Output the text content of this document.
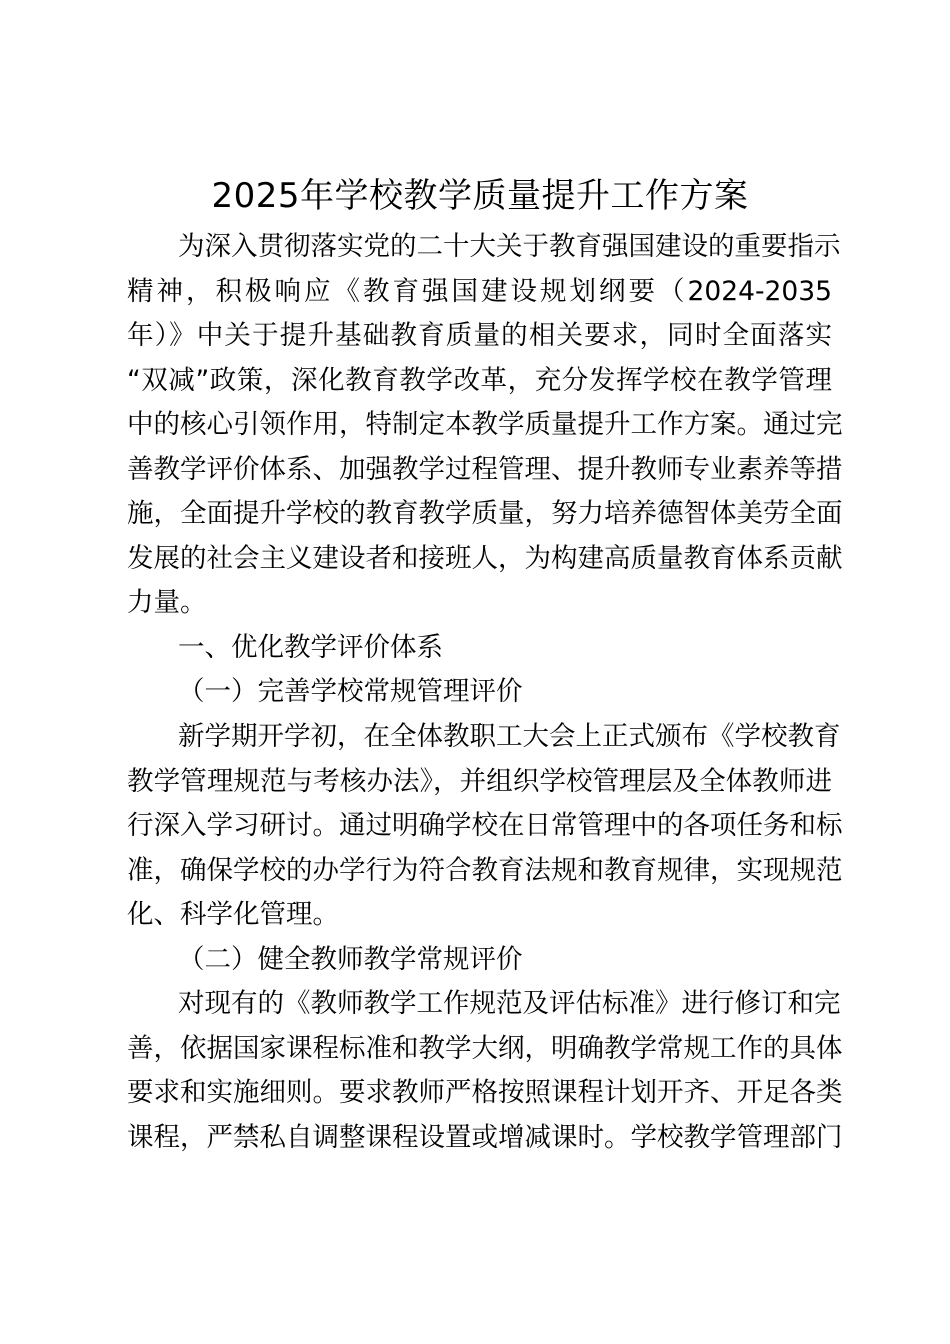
2025年学校教学质量提升工作方案

为深入贯彻落实党的二十大关于教育强国建设的重要指示

精神，积极响应《教育强国建设规划纲要（2024-2035

年）》中关于提升基础教育质量的相关要求，同时全面落实

“双减”政策，深化教育教学改革，充分发挥学校在教学管理

中的核心引领作用，特制定本教学质量提升工作方案。通过完

善教学评价体系、加强教学过程管理、提升教师专业素养等措

施，全面提升学校的教育教学质量，努力培养德智体美劳全面

发展的社会主义建设者和接班人，为构建高质量教育体系贡献

力量。

一、优化教学评价体系

（一）完善学校常规管理评价

新学期开学初，在全体教职工大会上正式颁布《学校教育

教学管理规范与考核办法》，并组织学校管理层及全体教师进

行深入学习研讨。通过明确学校在日常管理中的各项任务和标

准，确保学校的办学行为符合教育法规和教育规律，实现规范

化、科学化管理。

（二）健全教师教学常规评价

对现有的《教师教学工作规范及评估标准》进行修订和完

善，依据国家课程标准和教学大纲，明确教学常规工作的具体

要求和实施细则。要求教师严格按照课程计划开齐、开足各类

课程，严禁私自调整课程设置或增减课时。学校教学管理部门
